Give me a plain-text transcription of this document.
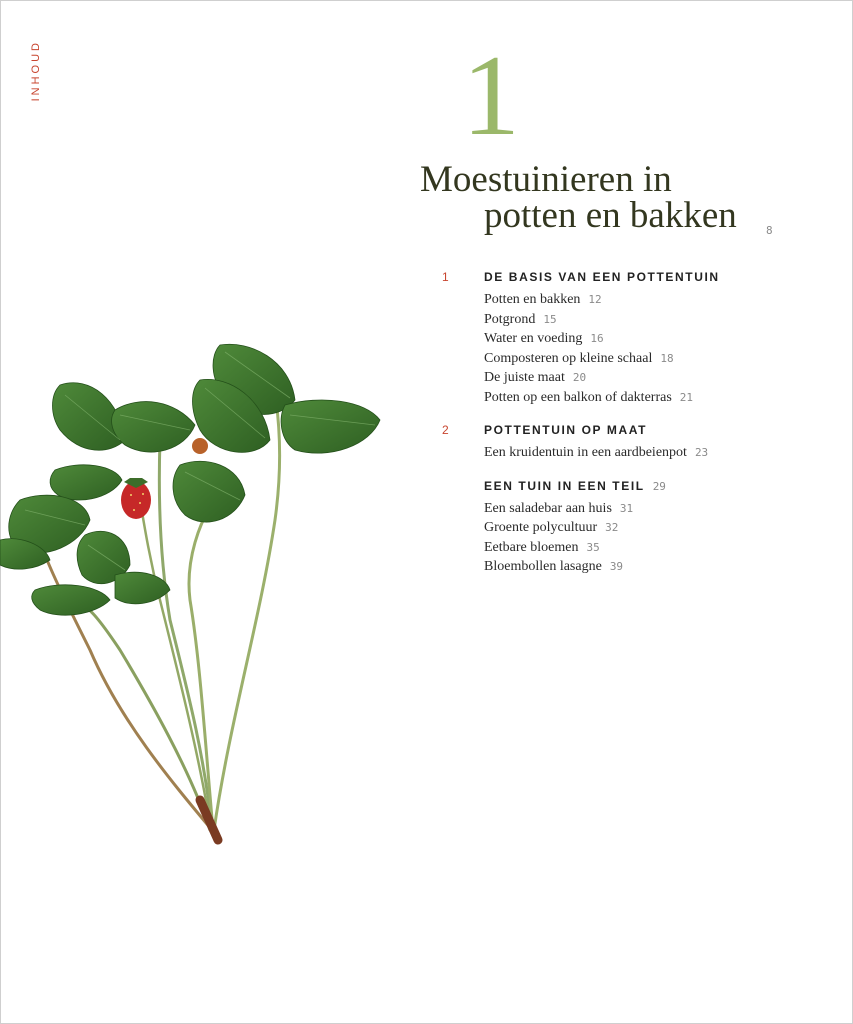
INHOUD	1
Moestuinieren in
potten en bakken	8
1	DE BASIS VAN EEN POTTENTUIN
Potten en bakken 12
Potgrond 15
Water en voeding 16
Composteren op kleine schaal 18
De juiste maat 20
Potten op een balkon of dakterras 21
2	POTTENTUIN OP MAAT
Een kruidentuin in een aardbeienpot 23
EEN TUIN IN EEN TEIL 29
Een saladebar aan huis 31
Groente polycultuur 32
Eetbare bloemen 35
Bloembollen lasagne 39
